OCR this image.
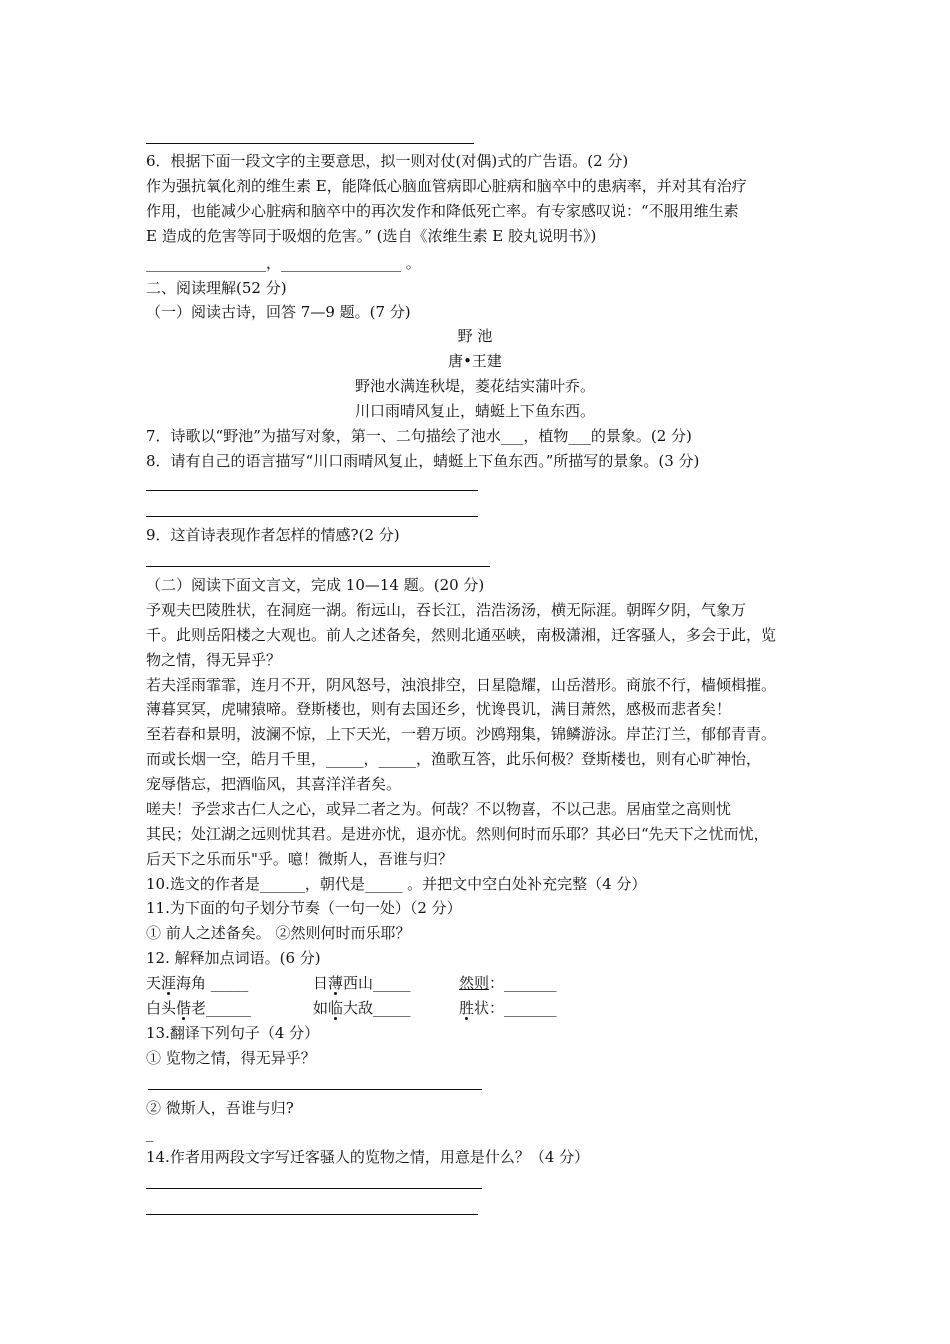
6．根据下面一段文字的主要意思，拟一则对仗(对偶)式的广告语。(2 分)
作为强抗氧化剂的维生素 E，能降低心脑血管病即心脏病和脑卒中的患病率，并对其有治疗
作用，也能减少心脏病和脑卒中的再次发作和降低死亡率。有专家感叹说：“不服用维生素
E 造成的危害等同于吸烟的危害。” (选自《浓维生素 E 胶丸说明书》)
________________，________________ 。
二、阅读理解(52 分)
（一）阅读古诗，回答 7—9 题。(7 分)
野 池
唐•王建
野池水满连秋堤，菱花结实蒲叶乔。
川口雨晴风复止，蜻蜓上下鱼东西。
7．诗歌以“野池”为描写对象，第一、二句描绘了池水___，植物___的景象。(2 分)
8．请有自己的语言描写“川口雨晴风复止，蜻蜓上下鱼东西。”所描写的景象。(3 分)
9．这首诗表现作者怎样的情感?(2 分)
（二）阅读下面文言文，完成 10—14 题。(20 分)
予观夫巴陵胜状，在洞庭一湖。衔远山，吞长江，浩浩汤汤，横无际涯。朝晖夕阴，气象万
千。此则岳阳楼之大观也。前人之述备矣，然则北通巫峡，南极潇湘，迁客骚人，多会于此，览
物之情，得无异乎？
若夫淫雨霏霏，连月不开，阴风怒号，浊浪排空，日星隐耀，山岳潜形。商旅不行，樯倾楫摧。
薄暮冥冥，虎啸猿啼。登斯楼也，则有去国还乡，忧谗畏讥，满目萧然，感极而悲者矣！
至若春和景明，波澜不惊，上下天光，一碧万顷。沙鸥翔集，锦鳞游泳。岸芷汀兰，郁郁青青。
而或长烟一空，皓月千里，_____，_____，渔歌互答，此乐何极？登斯楼也，则有心旷神怡，
宠辱偕忘，把酒临风，其喜洋洋者矣。
嗟夫！予尝求古仁人之心，或异二者之为。何哉？不以物喜，不以己悲。居庙堂之高则忧
其民；处江湖之远则忧其君。是进亦忧，退亦忧。然则何时而乐耶？其必曰“先天下之忧而忧，
后天下之乐而乐"乎。噫！微斯人，吾谁与归？
10.选文的作者是______，朝代是_____ 。并把文中空白处补充完整（4 分）
11.为下面的句子划分节奏（一句一处）（2 分）
① 前人之述备矣。 ②然则何时而乐耶？
12. 解释加点词语。(6 分)
天涯海角 _____	日薄西山_____	然则：_______
白头偕老______	如临大敌_____	胜状：_______
13.翻译下列句子（4 分）
① 览物之情，得无异乎？
② 微斯人，吾谁与归?
_
14.作者用两段文字写迁客骚人的览物之情，用意是什么？（4 分）
